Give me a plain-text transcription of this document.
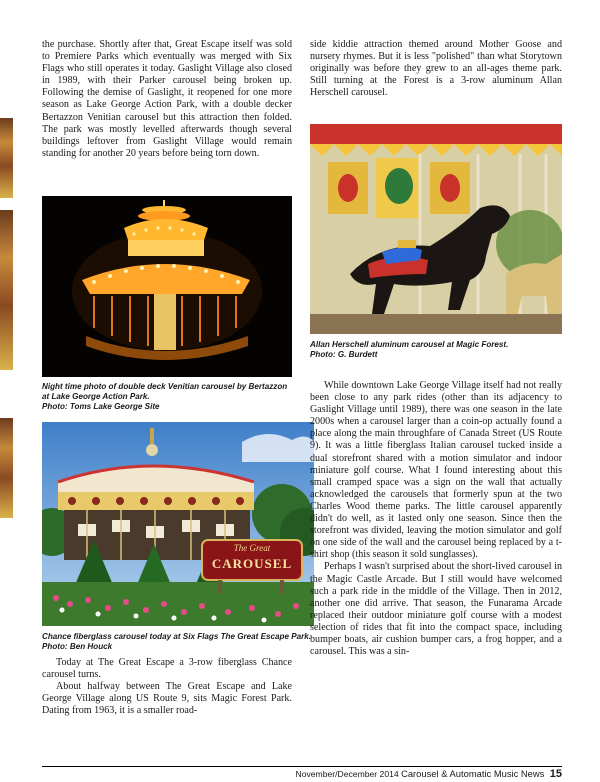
the purchase. Shortly after that, Great Escape itself was sold to Premiere Parks which eventually was merged with Six Flags who still operates it today. Gaslight Village also closed in 1989, with their Parker carousel being broken up. Following the demise of Gaslight, it reopened for one more season as Lake George Action Park, with a double decker Bertazzon Venitian carousel but this attraction then folded. The park was mostly levelled afterwards though several buildings leftover from Gaslight Village would remain standing for another 20 years before being torn down.

Night time photo of double deck Venitian carousel by Bertazzon at Lake George Action Park.
Photo: Toms Lake George Site
The Great
CAROUSEL
Chance fiberglass carousel today at Six Flags The Great Escape Park. Photo: Ben Houck

Today at The Great Escape a 3-row fiberglass Chance carousel turns.

About halfway between The Great Escape and Lake George Village along US Route 9, sits Magic Forest Park. Dating from 1963, it is a smaller road-

side kiddie attraction themed around Mother Goose and nursery rhymes. But it is less "polished" than what Storytown originally was before they grew to an all-ages theme park. Still turning at the Forest is a 3-row aluminum Allan Herschell carousel.

Allan Herschell aluminum carousel at Magic Forest.
Photo: G. Burdett

While downtown Lake George Village itself had not really been close to any park rides (other than its adjacency to Gaslight Village until 1989), there was one season in the late 2000s when a carousel larger than a coin-op actually found a place along the main throughfare of Canada Street (US Route 9). It was a little fiberglass Italian carousel tucked inside a dual storefront shared with a motion simulator and indoor miniature golf course. What I found interesting about this small cramped space was a sign on the wall that actually acknowledged the carousels that formerly spun at the two Charles Wood theme parks. The little carousel apparently didn't do well, as it lasted only one season. Since then the storefront was divided, leaving the motion simulator and golf on one side of the wall and the carousel being replaced by a t-shirt shop (this season it sold sunglasses).

Perhaps I wasn't surprised about the short-lived carousel in the Magic Castle Arcade. But I still would have welcomed such a park ride in the middle of the Village. Then in 2012, another one did arrive. That season, the Funarama Arcade replaced their outdoor miniature golf course with a modest selection of rides that fit into the compact space, including bumper boats, air cushion bumper cars, a frog hopper, and a carousel. This was a sin-

November/December 2014 Carousel & Automatic Music News 15
